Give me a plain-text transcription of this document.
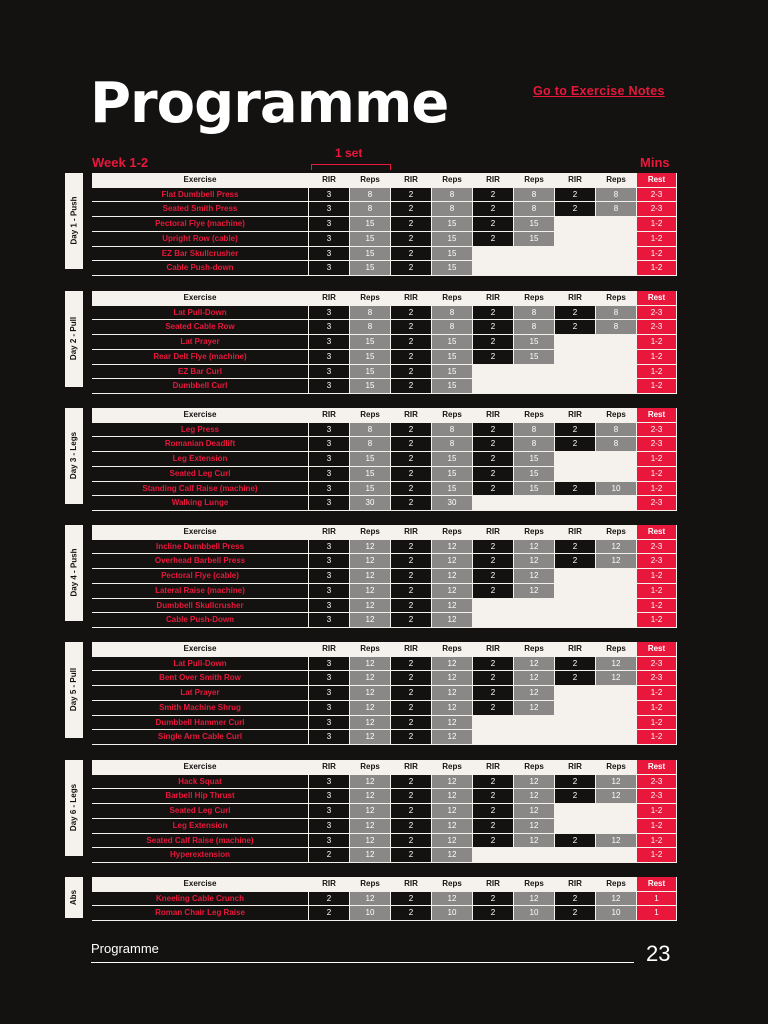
Programme	Go to Exercise Notes
Week 1-2
1 set
Mins
Day 1 - Push
Exercise	RIR	Reps	RIR	Reps	RIR	Reps	RIR	Reps	Rest
Flat Dumbbell Press	3	8	2	8	2	8	2	8	2-3
Seated Smith Press	3	8	2	8	2	8	2	8	2-3
Pectoral Flye (machine)	3	15	2	15	2	15			1-2
Upright Row (cable)	3	15	2	15	2	15			1-2
EZ Bar Skullcrusher	3	15	2	15					1-2
Cable Push-down	3	15	2	15					1-2
Day 2 - Pull
Exercise	RIR	Reps	RIR	Reps	RIR	Reps	RIR	Reps	Rest
Lat Pull-Down	3	8	2	8	2	8	2	8	2-3
Seated Cable Row	3	8	2	8	2	8	2	8	2-3
Lat Prayer	3	15	2	15	2	15			1-2
Rear Delt Flye (machine)	3	15	2	15	2	15			1-2
EZ Bar Curl	3	15	2	15					1-2
Dumbbell Curl	3	15	2	15					1-2
Day 3 - Legs
Exercise	RIR	Reps	RIR	Reps	RIR	Reps	RIR	Reps	Rest
Leg Press	3	8	2	8	2	8	2	8	2-3
Romanian Deadlift	3	8	2	8	2	8	2	8	2-3
Leg Extension	3	15	2	15	2	15			1-2
Seated Leg Curl	3	15	2	15	2	15			1-2
Standing Calf Raise (machine)	3	15	2	15	2	15	2	10	1-2
Walking Lunge	3	30	2	30					2-3
Day 4 - Push
Exercise	RIR	Reps	RIR	Reps	RIR	Reps	RIR	Reps	Rest
Incline Dumbbell Press	3	12	2	12	2	12	2	12	2-3
Overhead Barbell Press	3	12	2	12	2	12	2	12	2-3
Pectoral Flye (cable)	3	12	2	12	2	12			1-2
Lateral Raise (machine)	3	12	2	12	2	12			1-2
Dumbbell Skullcrusher	3	12	2	12					1-2
Cable Push-Down	3	12	2	12					1-2
Day 5 - Pull
Exercise	RIR	Reps	RIR	Reps	RIR	Reps	RIR	Reps	Rest
Lat Pull-Down	3	12	2	12	2	12	2	12	2-3
Bent Over Smith Row	3	12	2	12	2	12	2	12	2-3
Lat Prayer	3	12	2	12	2	12			1-2
Smith Machine Shrug	3	12	2	12	2	12			1-2
Dumbbell Hammer Curl	3	12	2	12					1-2
Single Arm Cable Curl	3	12	2	12					1-2
Day 6 - Legs
Exercise	RIR	Reps	RIR	Reps	RIR	Reps	RIR	Reps	Rest
Hack Squat	3	12	2	12	2	12	2	12	2-3
Barbell Hip Thrust	3	12	2	12	2	12	2	12	2-3
Seated Leg Curl	3	12	2	12	2	12			1-2
Leg Extension	3	12	2	12	2	12			1-2
Seated Calf Raise (machine)	3	12	2	12	2	12	2	12	1-2
Hyperextension	2	12	2	12					1-2
Abs
Exercise	RIR	Reps	RIR	Reps	RIR	Reps	RIR	Reps	Rest
Kneeling Cable Crunch	2	12	2	12	2	12	2	12	1
Roman Chair Leg Raise	2	10	2	10	2	10	2	10	1
Programme	23
